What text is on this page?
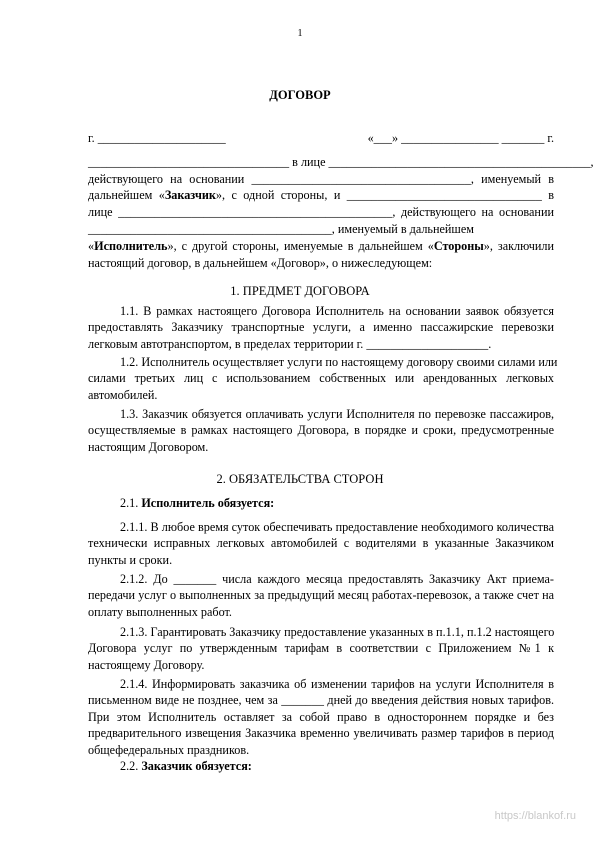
1
ДОГОВОР
г. _____________________	«___» ________________ _______ г.
_________________________________ в лице ___________________________________________,
действующего на основании ____________________________________, именуемый в
дальнейшем «Заказчик», с одной стороны, и ________________________________ в
лице _____________________________________________, действующего на основании
________________________________________, именуемый в дальнейшем
«Исполнитель», с другой стороны, именуемые в дальнейшем «Стороны», заключили
настоящий договор, в дальнейшем «Договор», о нижеследующем:
1. ПРЕДМЕТ ДОГОВОРА
1.1. В рамках настоящего Договора Исполнитель на основании заявок обязуется
предоставлять Заказчику транспортные услуги, а именно пассажирские перевозки
легковым автотранспортом, в пределах территории г. ____________________.
1.2. Исполнитель осуществляет услуги по настоящему договору своими силами или
силами третьих лиц с использованием собственных или арендованных легковых
автомобилей.
1.3. Заказчик обязуется оплачивать услуги Исполнителя по перевозке пассажиров,
осуществляемые в рамках настоящего Договора, в порядке и сроки, предусмотренные
настоящим Договором.
2. ОБЯЗАТЕЛЬСТВА СТОРОН
2.1. Исполнитель обязуется:
2.1.1. В любое время суток обеспечивать предоставление необходимого количества
технически исправных легковых автомобилей с водителями в указанные Заказчиком
пункты и сроки.
2.1.2. До _______ числа каждого месяца предоставлять Заказчику Акт приема-
передачи услуг о выполненных за предыдущий месяц работах-перевозок, а также счет на
оплату выполненных работ.
2.1.3. Гарантировать Заказчику предоставление указанных в п.1.1, п.1.2 настоящего
Договора услуг по утвержденным тарифам в соответствии с Приложением №1 к
настоящему Договору.
2.1.4. Информировать заказчика об изменении тарифов на услуги Исполнителя в
письменном виде не позднее, чем за _______ дней до введения действия новых тарифов.
При этом Исполнитель оставляет за собой право в одностороннем порядке и без
предварительного извещения Заказчика временно увеличивать размер тарифов в период
общефедеральных праздников.
2.2. Заказчик обязуется:
https://blankof.ru
